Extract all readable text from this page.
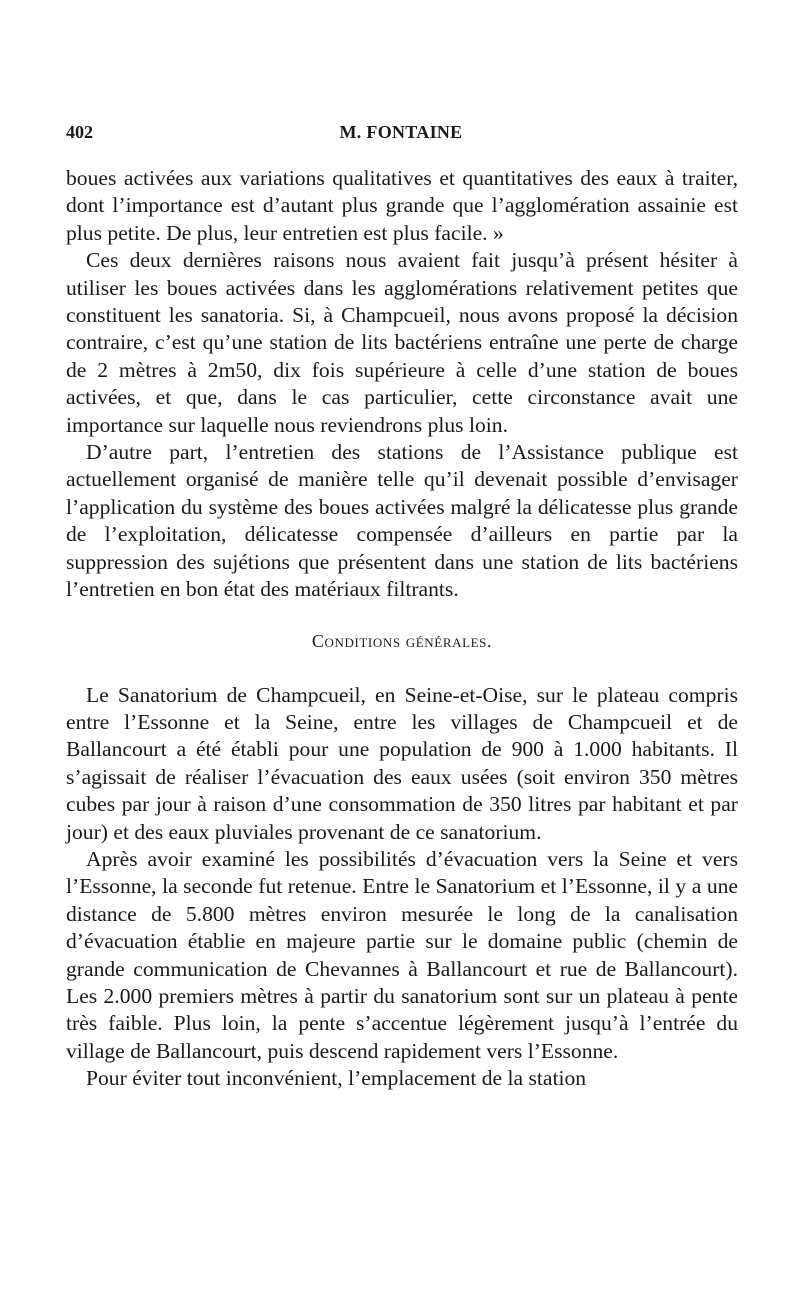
402	M. FONTAINE

boues activées aux variations qualitatives et quantitatives des eaux à traiter, dont l’importance est d’autant plus grande que l’agglomération assainie est plus petite. De plus, leur entretien est plus facile. »

Ces deux dernières raisons nous avaient fait jusqu’à présent hésiter à utiliser les boues activées dans les agglomérations relativement petites que constituent les sanatoria. Si, à Champcueil, nous avons proposé la décision contraire, c’est qu’une station de lits bactériens entraîne une perte de charge de 2 mètres à 2m50, dix fois supérieure à celle d’une station de boues activées, et que, dans le cas particulier, cette circonstance avait une importance sur laquelle nous reviendrons plus loin.

D’autre part, l’entretien des stations de l’Assistance publique est actuellement organisé de manière telle qu’il devenait possible d’envisager l’application du système des boues activées malgré la délicatesse plus grande de l’exploitation, délicatesse compensée d’ailleurs en partie par la suppression des sujétions que présentent dans une station de lits bactériens l’entretien en bon état des matériaux filtrants.

Conditions générales.

Le Sanatorium de Champcueil, en Seine-et-Oise, sur le plateau compris entre l’Essonne et la Seine, entre les villages de Champcueil et de Ballancourt a été établi pour une population de 900 à 1.000 habitants. Il s’agissait de réaliser l’évacuation des eaux usées (soit environ 350 mètres cubes par jour à raison d’une consommation de 350 litres par habitant et par jour) et des eaux pluviales provenant de ce sanatorium.

Après avoir examiné les possibilités d’évacuation vers la Seine et vers l’Essonne, la seconde fut retenue. Entre le Sanatorium et l’Essonne, il y a une distance de 5.800 mètres environ mesurée le long de la canalisation d’évacuation établie en majeure partie sur le domaine public (chemin de grande communication de Chevannes à Ballancourt et rue de Ballancourt). Les 2.000 premiers mètres à partir du sanatorium sont sur un plateau à pente très faible. Plus loin, la pente s’accentue légèrement jusqu’à l’entrée du village de Ballancourt, puis descend rapidement vers l’Essonne.

Pour éviter tout inconvénient, l’emplacement de la station
